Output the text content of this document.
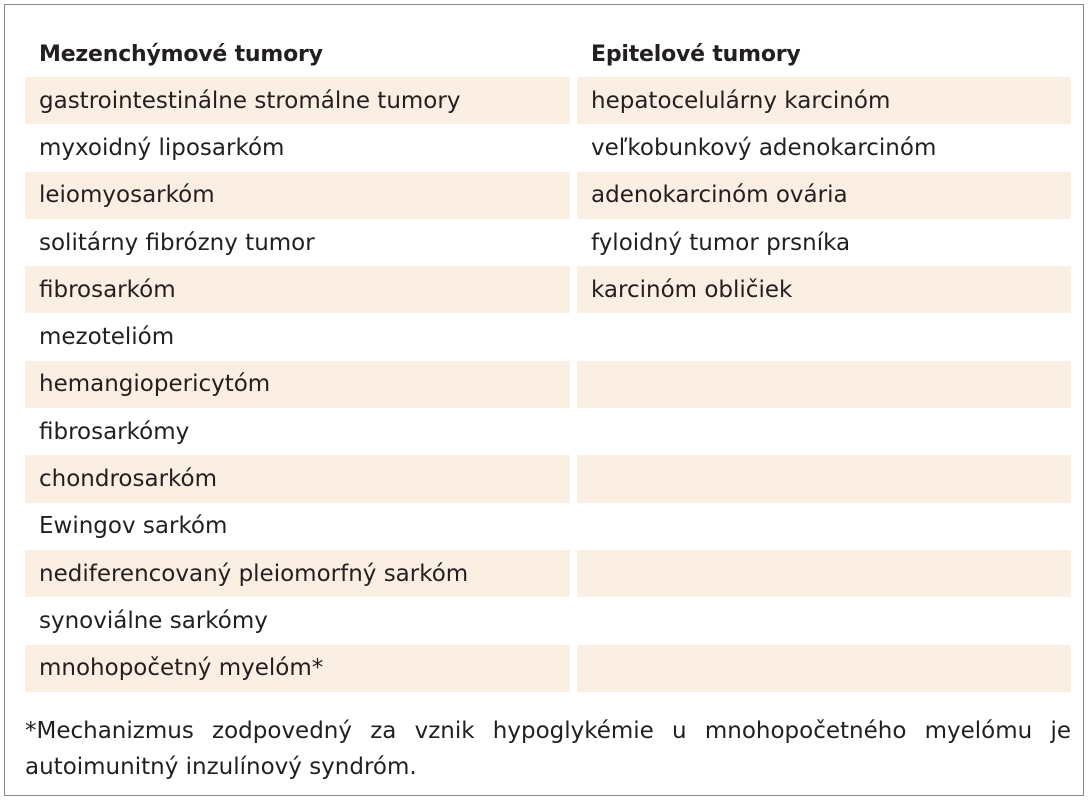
Mezenchýmové tumory	Epitelové tumory
gastrointestinálne stromálne tumory	hepatocelulárny karcinóm
myxoidný liposarkóm	veľkobunkový adenokarcinóm
leiomyosarkóm	adenokarcinóm ovária
solitárny fibrózny tumor	fyloidný tumor prsníka
fibrosarkóm	karcinóm obličiek
mezotelióm
hemangiopericytóm
fibrosarkómy
chondrosarkóm
Ewingov sarkóm
nediferencovaný pleiomorfný sarkóm
synoviálne sarkómy
mnohopočetný myelóm*
*Mechanizmus zodpovedný za vznik hypoglykémie u mnohopočetného myelómu je autoimunitný inzulínový syndróm.
